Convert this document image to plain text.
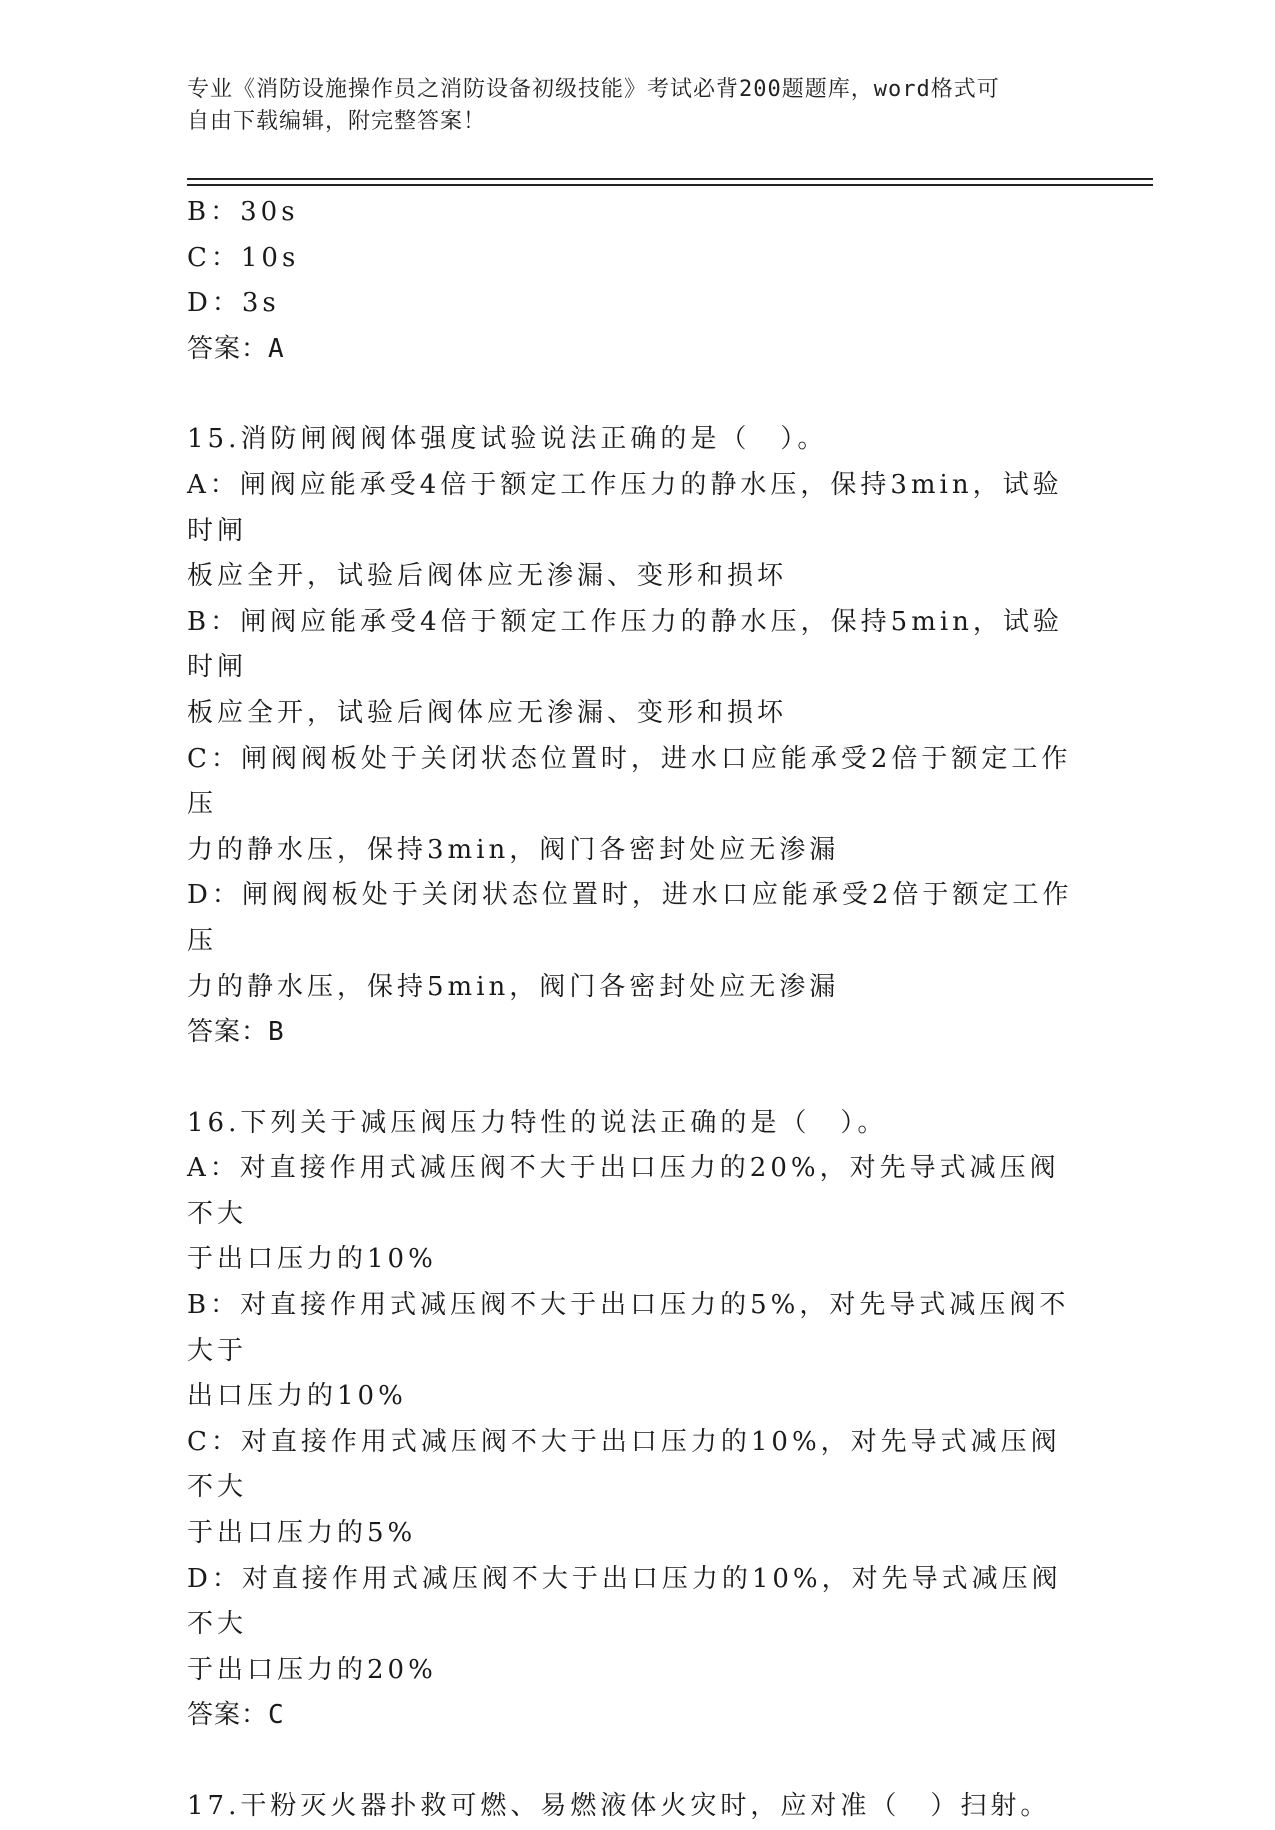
专业《消防设施操作员之消防设备初级技能》考试必背200题题库，word格式可
自由下载编辑，附完整答案！
B：30s
C：10s
D：3s
答案：A
15.消防闸阀阀体强度试验说法正确的是（　）。
A：闸阀应能承受4倍于额定工作压力的静水压，保持3min，试验时闸
板应全开，试验后阀体应无渗漏、变形和损坏
B：闸阀应能承受4倍于额定工作压力的静水压，保持5min，试验时闸
板应全开，试验后阀体应无渗漏、变形和损坏
C：闸阀阀板处于关闭状态位置时，进水口应能承受2倍于额定工作压
力的静水压，保持3min，阀门各密封处应无渗漏
D：闸阀阀板处于关闭状态位置时，进水口应能承受2倍于额定工作压
力的静水压，保持5min，阀门各密封处应无渗漏
答案：B
16.下列关于减压阀压力特性的说法正确的是（　）。
A：对直接作用式减压阀不大于出口压力的20%，对先导式减压阀不大
于出口压力的10%
B：对直接作用式减压阀不大于出口压力的5%，对先导式减压阀不大于
出口压力的10%
C：对直接作用式减压阀不大于出口压力的10%，对先导式减压阀不大
于出口压力的5%
D：对直接作用式减压阀不大于出口压力的10%，对先导式减压阀不大
于出口压力的20%
答案：C
17.干粉灭火器扑救可燃、易燃液体火灾时，应对准（　）扫射。
